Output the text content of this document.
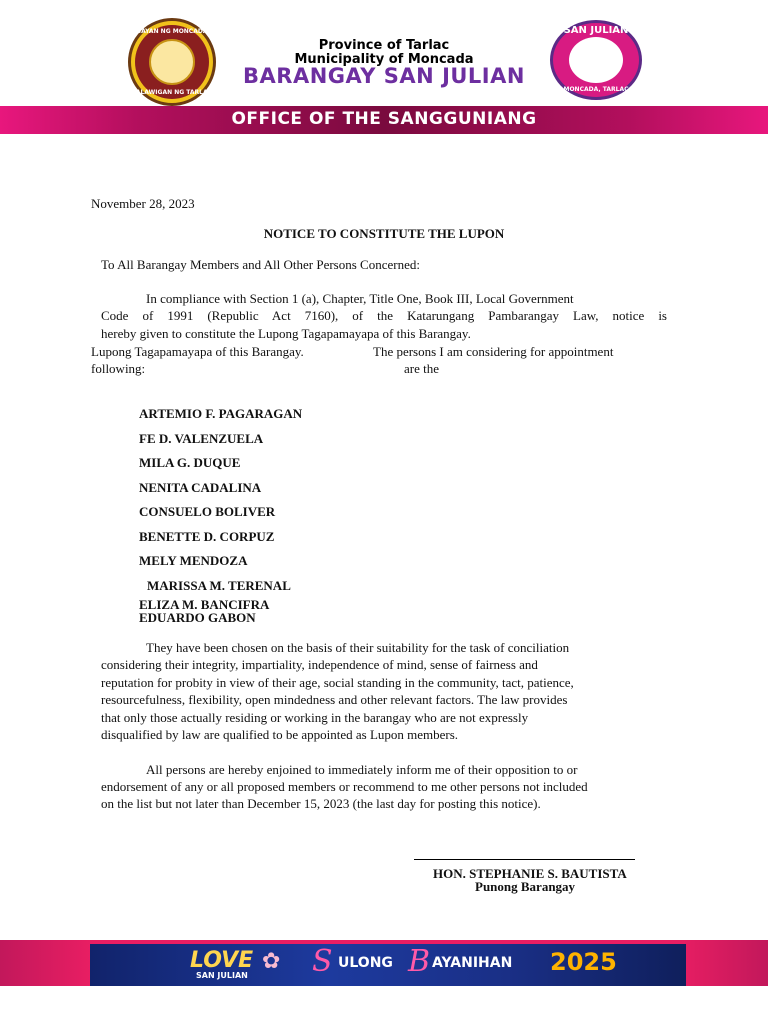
BAYAN NG MONCADA
LALAWIGAN NG TARLAC
Province of Tarlac
Municipality of Moncada
BARANGAY SAN JULIAN
SAN JULIAN
MONCADA, TARLAC
OFFICE OF THE SANGGUNIANG
November 28, 2023
NOTICE TO CONSTITUTE THE LUPON
To All Barangay Members and All Other Persons Concerned:
In compliance with Section 1 (a), Chapter, Title One, Book III, Local Government
Code of 1991 (Republic Act 7160), of the Katarungang Pambarangay Law, notice is
hereby given to constitute the Lupong Tagapamayapa of this Barangay.
Lupong Tagapamayapa of this Barangay.	The persons I am considering for appointment
following:	are the
ARTEMIO F. PAGARAGAN
FE D. VALENZUELA
MILA G. DUQUE
NENITA CADALINA
CONSUELO BOLIVER
BENETTE D. CORPUZ
MELY MENDOZA
MARISSA M. TERENAL
ELIZA M. BANCIFRA
EDUARDO GABON
They have been chosen on the basis of their suitability for the task of conciliation
considering their integrity, impartiality, independence of mind, sense of fairness and
reputation for probity in view of their age, social standing in the community, tact, patience,
resourcefulness, flexibility, open mindedness and other relevant factors. The law provides
that only those actually residing or working in the barangay who are not expressly
disqualified by law are qualified to be appointed as Lupon members.
All persons are hereby enjoined to immediately inform me of their opposition to or
endorsement of any or all proposed members or recommend to me other persons not included
on the list but not later than December 15, 2023 (the last day for posting this notice).
HON. STEPHANIE S. BAUTISTA
Punong Barangay
LOVE
SAN JULIAN
✿ S ULONG B AYANIHAN 2025
